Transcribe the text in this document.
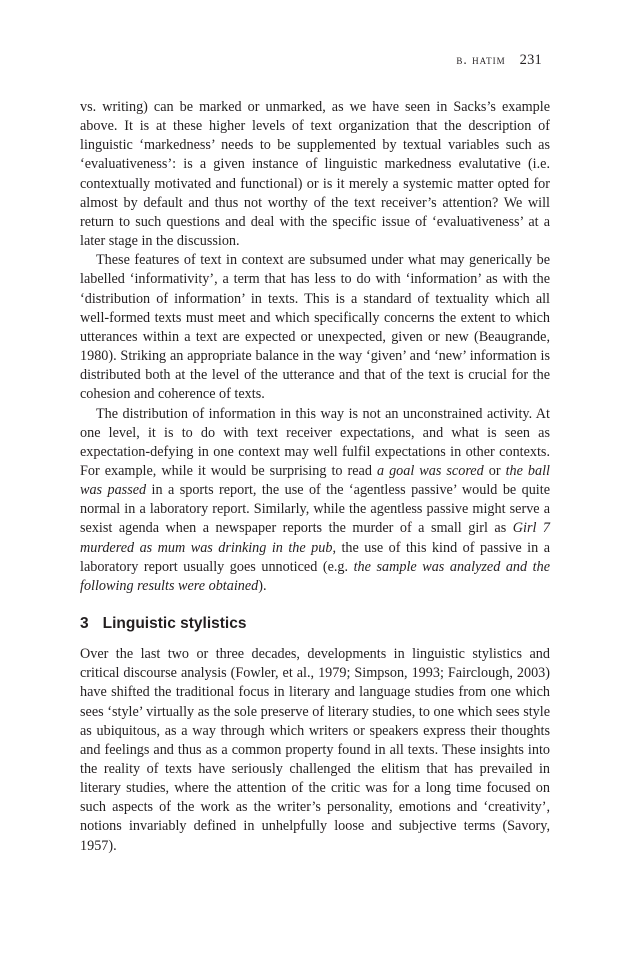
b. hatim 231

vs. writing) can be marked or unmarked, as we have seen in Sacks’s example above. It is at these higher levels of text organization that the description of linguistic ‘markedness’ needs to be supplemented by textual variables such as ‘evaluativeness’: is a given instance of linguistic markedness evalutative (i.e. contextually motivated and functional) or is it merely a systemic matter opted for almost by default and thus not worthy of the text receiver’s attention? We will return to such questions and deal with the specific issue of ‘evaluativeness’ at a later stage in the discussion.

These features of text in context are subsumed under what may generically be labelled ‘informativity’, a term that has less to do with ‘information’ as with the ‘distribution of information’ in texts. This is a standard of textuality which all well-formed texts must meet and which specifically concerns the extent to which utterances within a text are expected or unexpected, given or new (Beaugrande, 1980). Striking an appropriate balance in the way ‘given’ and ‘new’ information is distributed both at the level of the utterance and that of the text is crucial for the cohesion and coherence of texts.

The distribution of information in this way is not an unconstrained activity. At one level, it is to do with text receiver expectations, and what is seen as expectation-defying in one context may well fulfil expectations in other contexts. For example, while it would be surprising to read a goal was scored or the ball was passed in a sports report, the use of the ‘agentless passive’ would be quite normal in a laboratory report. Similarly, while the agentless passive might serve a sexist agenda when a newspaper reports the murder of a small girl as Girl 7 murdered as mum was drinking in the pub, the use of this kind of passive in a laboratory report usually goes unnoticed (e.g. the sample was analyzed and the following results were obtained).

3 Linguistic stylistics

Over the last two or three decades, developments in linguistic stylistics and critical discourse analysis (Fowler, et al., 1979; Simpson, 1993; Fairclough, 2003) have shifted the traditional focus in literary and language studies from one which sees ‘style’ virtually as the sole preserve of literary studies, to one which sees style as ubiquitous, as a way through which writers or speakers express their thoughts and feelings and thus as a common property found in all texts. These insights into the reality of texts have seriously challenged the elitism that has prevailed in literary studies, where the attention of the critic was for a long time focused on such aspects of the work as the writer’s personality, emotions and ‘creativity’, notions invariably defined in unhelpfully loose and subjective terms (Savory, 1957).
